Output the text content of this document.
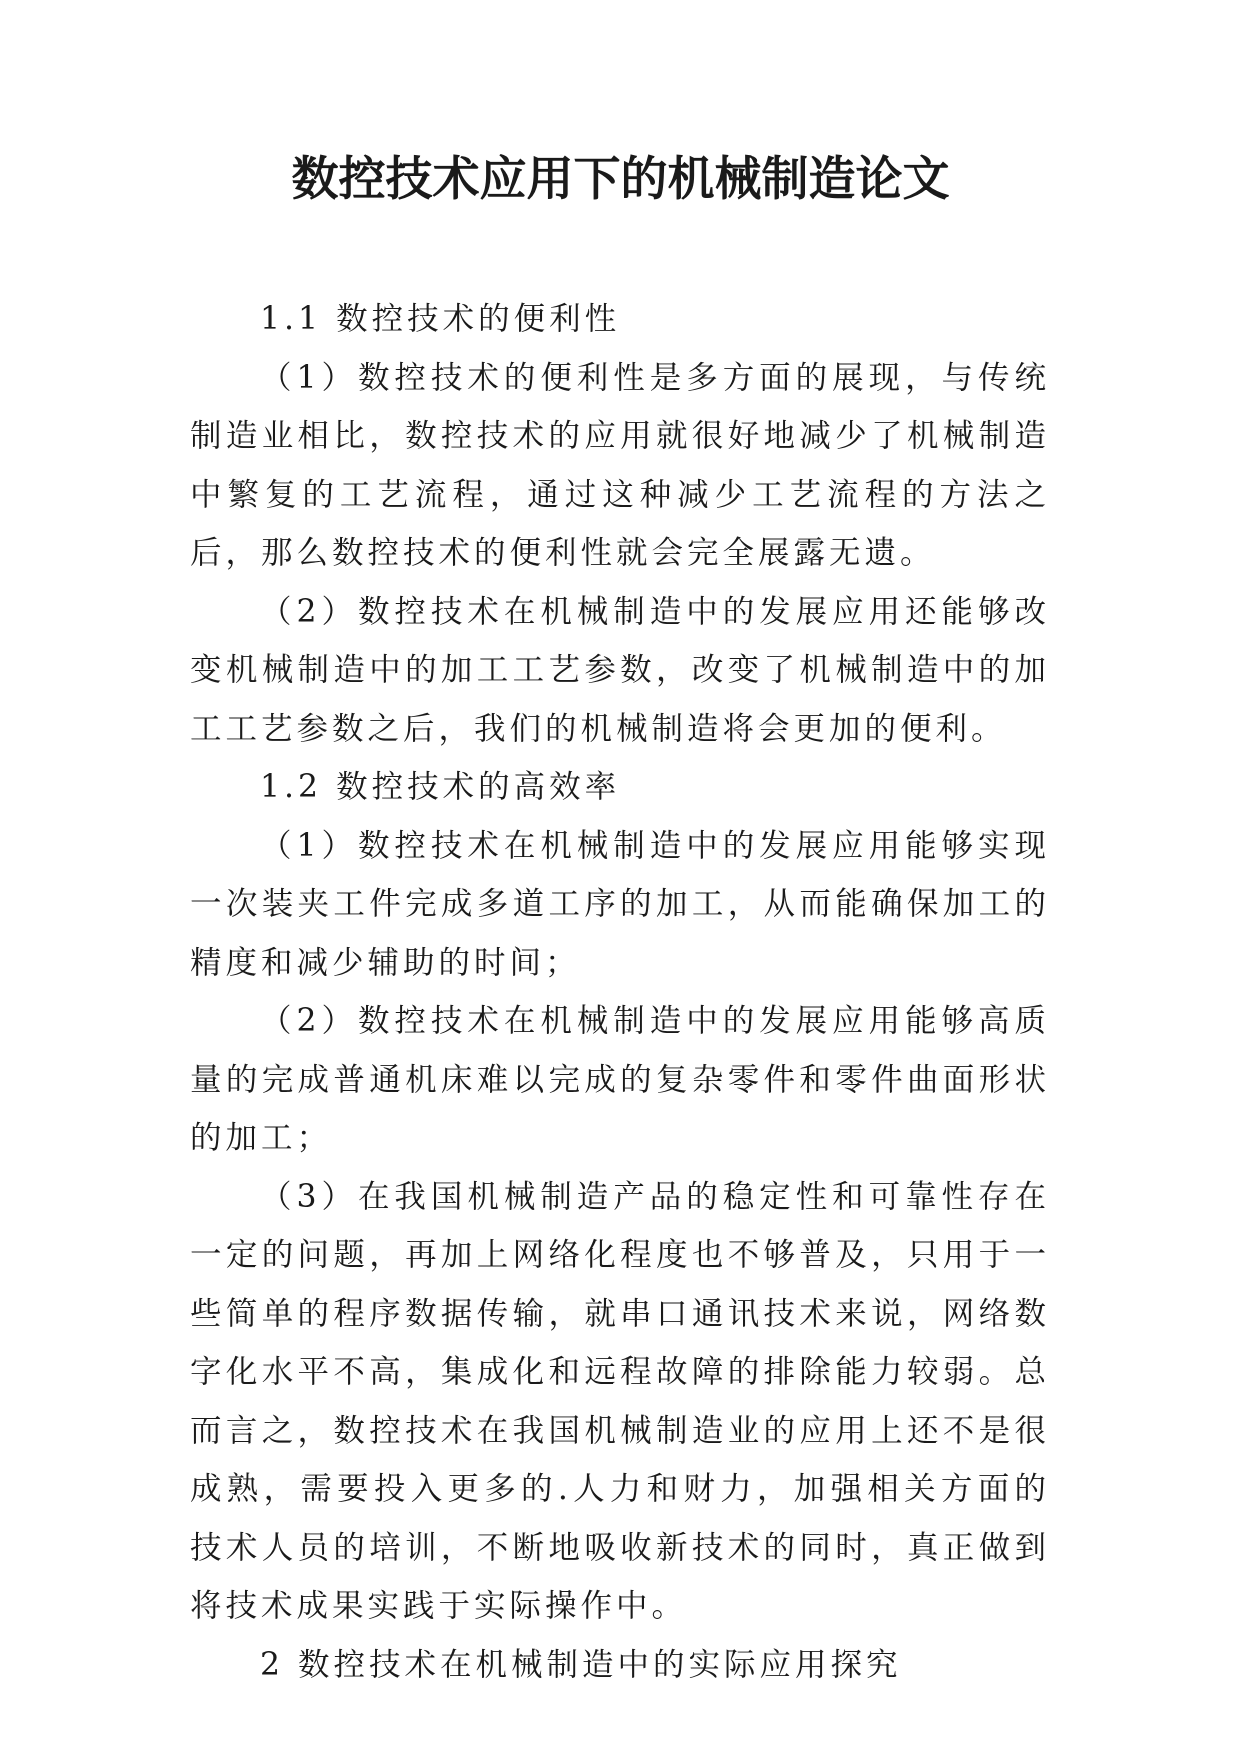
数控技术应用下的机械制造论文

1.1 数控技术的便利性

（1）数控技术的便利性是多方面的展现，与传统制造业相比，数控技术的应用就很好地减少了机械制造中繁复的工艺流程，通过这种减少工艺流程的方法之后，那么数控技术的便利性就会完全展露无遗。

（2）数控技术在机械制造中的发展应用还能够改变机械制造中的加工工艺参数，改变了机械制造中的加工工艺参数之后，我们的机械制造将会更加的便利。

1.2 数控技术的高效率

（1）数控技术在机械制造中的发展应用能够实现一次装夹工件完成多道工序的加工，从而能确保加工的精度和减少辅助的时间；

（2）数控技术在机械制造中的发展应用能够高质量的完成普通机床难以完成的复杂零件和零件曲面形状的加工；

（3）在我国机械制造产品的稳定性和可靠性存在一定的问题，再加上网络化程度也不够普及，只用于一些简单的程序数据传输，就串口通讯技术来说，网络数字化水平不高，集成化和远程故障的排除能力较弱。总而言之，数控技术在我国机械制造业的应用上还不是很成熟，需要投入更多的.人力和财力，加强相关方面的技术人员的培训，不断地吸收新技术的同时，真正做到将技术成果实践于实际操作中。

2 数控技术在机械制造中的实际应用探究
